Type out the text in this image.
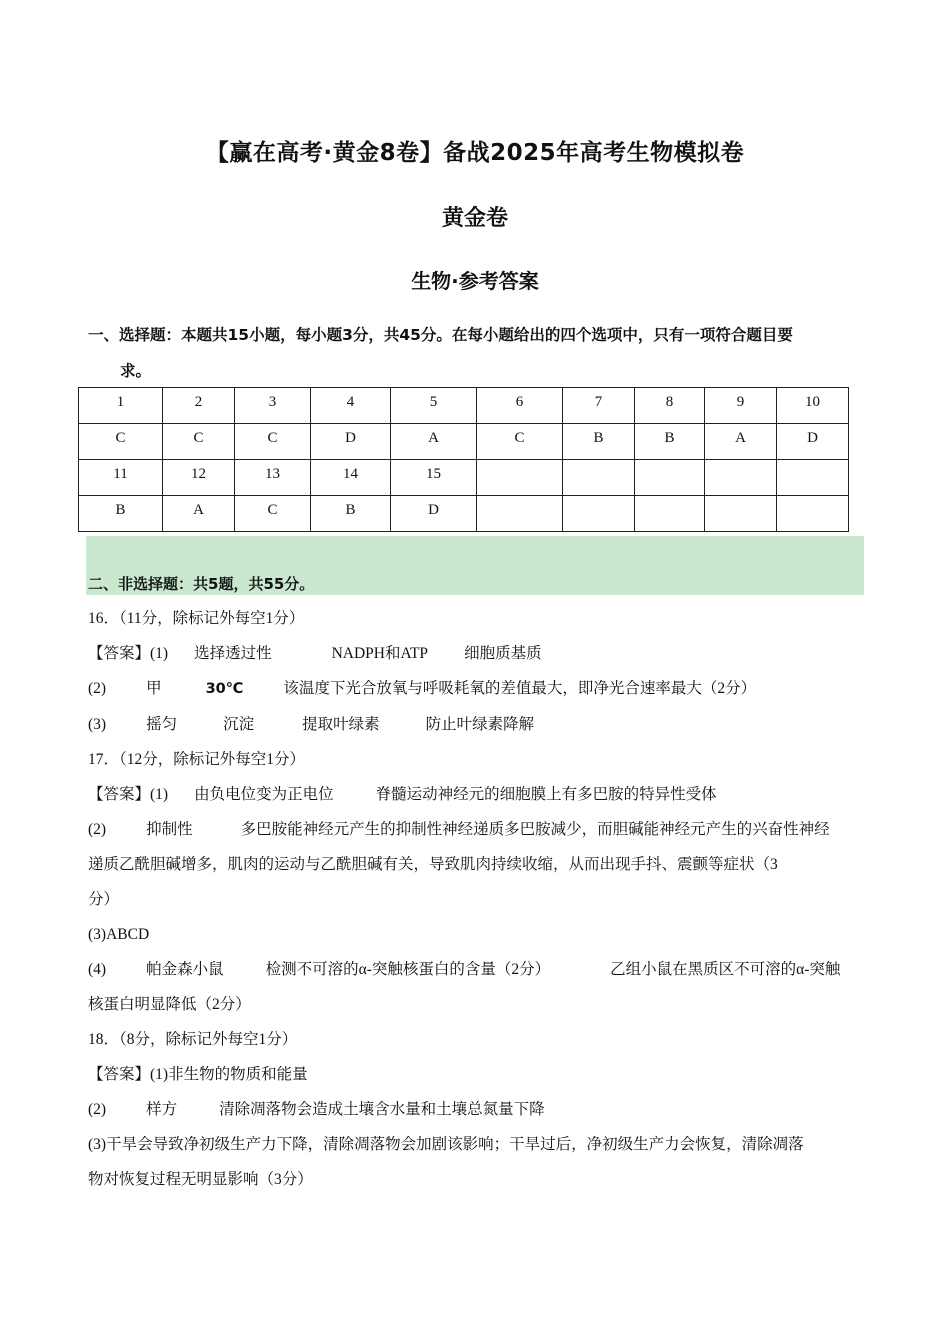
【赢在高考·黄金8卷】备战2025年高考生物模拟卷
黄金卷
生物·参考答案
一、选择题：本题共15小题，每小题3分，共45分。在每小题给出的四个选项中，只有一项符合题目要
求。
1	2	3	4	5	6	7	8	9	10
C	C	C	D	A	C	B	B	A	D
11	12	13	14	15					
B	A	C	B	D					
二、非选择题：共5题，共55分。

16．（11分，除标记外每空1分）

【答案】(1) 选择透过性	NADPH和ATP 细胞质基质

(2)	甲	30℃	该温度下光合放氧与呼吸耗氧的差值最大，即净光合速率最大（2分）

(3)	摇匀	沉淀	提取叶绿素	防止叶绿素降解

17．（12分，除标记外每空1分）

【答案】(1) 由负电位变为正电位	脊髓运动神经元的细胞膜上有多巴胺的特异性受体

(2)	抑制性	多巴胺能神经元产生的抑制性神经递质多巴胺减少，而胆碱能神经元产生的兴奋性神经

递质乙酰胆碱增多，肌肉的运动与乙酰胆碱有关，导致肌肉持续收缩，从而出现手抖、震颤等症状（3

分）

(3)ABCD

(4)	帕金森小鼠	检测不可溶的α-突触核蛋白的含量（2分）	乙组小鼠在黑质区不可溶的α-突触

核蛋白明显降低（2分）

18．（8分，除标记外每空1分）

【答案】(1)非生物的物质和能量

(2)	样方	清除凋落物会造成土壤含水量和土壤总氮量下降

(3)干旱会导致净初级生产力下降，清除凋落物会加剧该影响；干旱过后，净初级生产力会恢复，清除凋落

物对恢复过程无明显影响（3分）
